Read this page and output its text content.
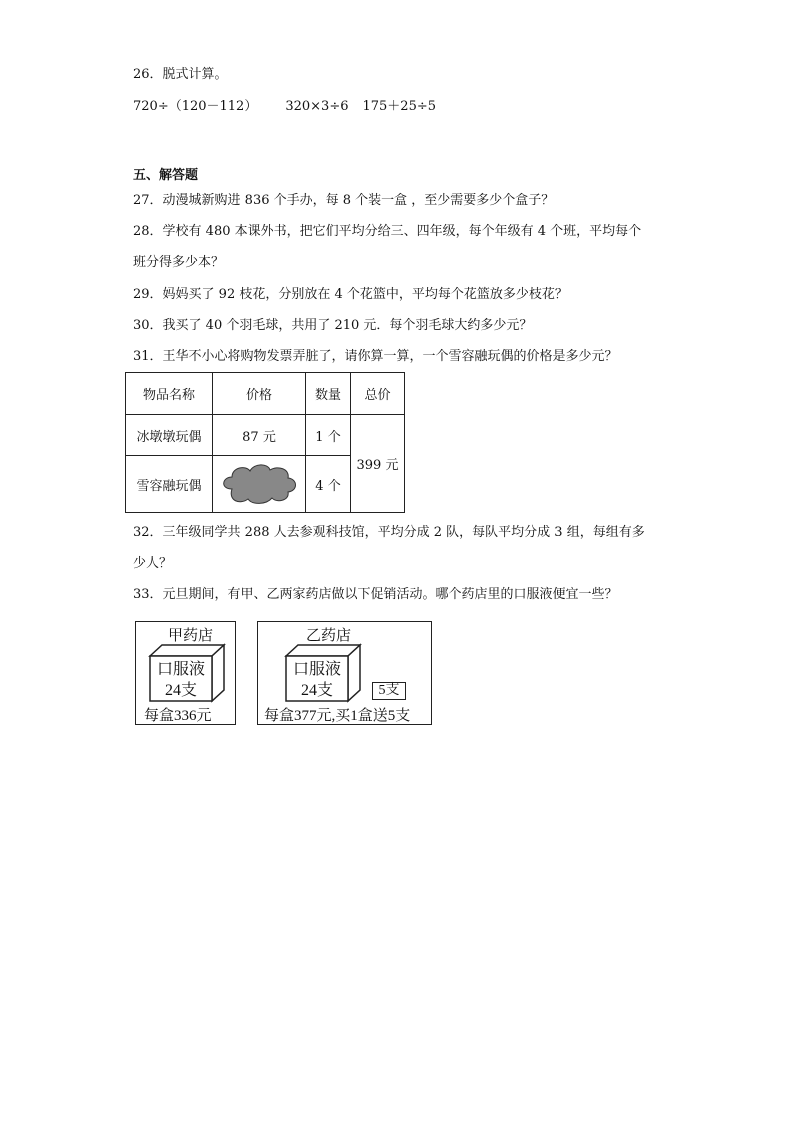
26．脱式计算。
720÷（120－112） 320×3÷6 175＋25÷5
五、解答题
27．动漫城新购进 836 个手办，每 8 个装一盒 ，至少需要多少个盒子？
28．学校有 480 本课外书，把它们平均分给三、四年级，每个年级有 4 个班，平均每个
班分得多少本？
29．妈妈买了 92 枝花，分别放在 4 个花篮中，平均每个花篮放多少枝花？
30．我买了 40 个羽毛球，共用了 210 元．每个羽毛球大约多少元？
31．王华不小心将购物发票弄脏了，请你算一算，一个雪容融玩偶的价格是多少元？
物品名称	价格	数量	总价
冰墩墩玩偶	87 元	1 个	399 元
雪容融玩偶		4 个	
32．三年级同学共 288 人去参观科技馆，平均分成 2 队，每队平均分成 3 组，每组有多
少人？
33．元旦期间，有甲、乙两家药店做以下促销活动。哪个药店里的口服液便宜一些？
甲药店
口服液
24支
每盒336元
乙药店
口服液
24支	5支
每盒377元,买1盒送5支
